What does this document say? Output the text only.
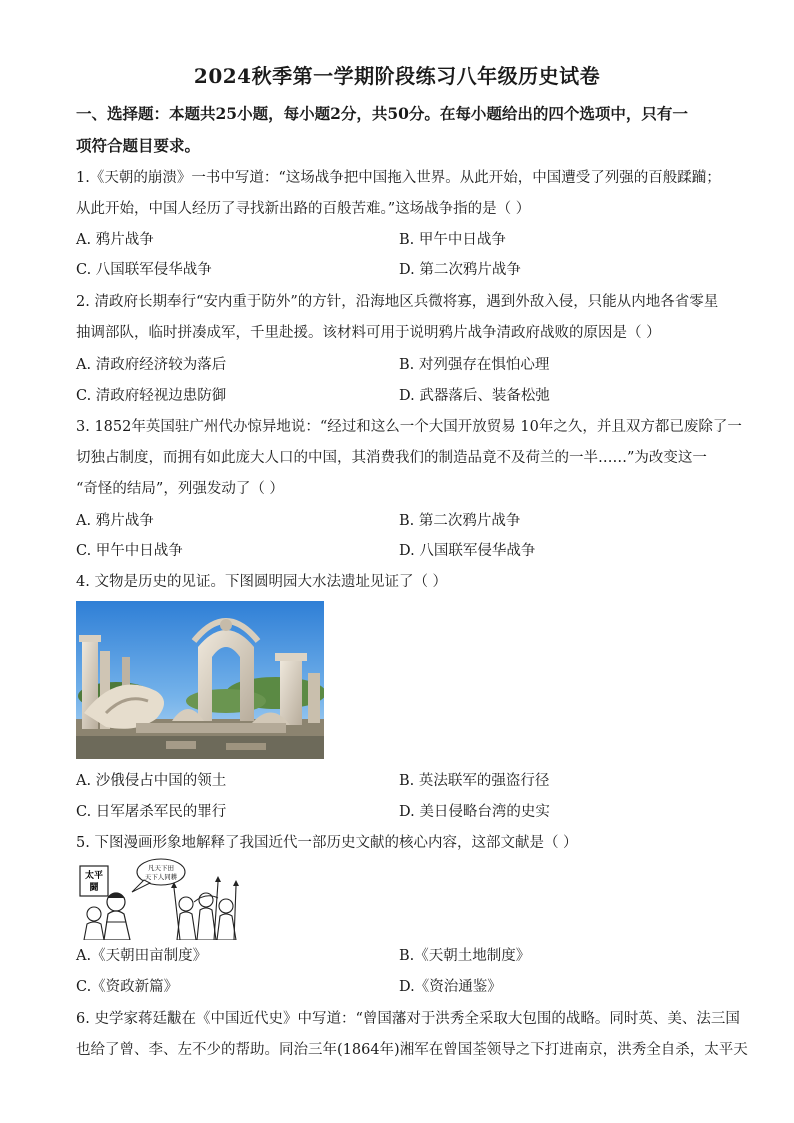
2024秋季第一学期阶段练习八年级历史试卷
一、选择题：本题共25小题，每小题2分，共50分。在每小题给出的四个选项中，只有一
项符合题目要求。
1.《天朝的崩溃》一书中写道：“这场战争把中国拖入世界。从此开始，中国遭受了列强的百般蹂躏；
从此开始，中国人经历了寻找新出路的百般苦难。”这场战争指的是（ ）
A. 鸦片战争	B. 甲午中日战争
C. 八国联军侵华战争	D. 第二次鸦片战争
2. 清政府长期奉行“安内重于防外”的方针，沿海地区兵微将寡，遇到外敌入侵，只能从内地各省零星
抽调部队，临时拼凑成军，千里赴援。该材料可用于说明鸦片战争清政府战败的原因是（ ）
A. 清政府经济较为落后	B. 对列强存在惧怕心理
C. 清政府轻视边患防御	D. 武器落后、装备松弛
3. 1852年英国驻广州代办惊异地说：“经过和这么一个大国开放贸易 10年之久，并且双方都已废除了一
切独占制度，而拥有如此庞大人口的中国，其消费我们的制造品竟不及荷兰的一半……”为改变这一
“奇怪的结局”，列强发动了（ ）
A. 鸦片战争	B. 第二次鸦片战争
C. 甲午中日战争	D. 八国联军侵华战争
4. 文物是历史的见证。下图圆明园大水法遗址见证了（ ）
A. 沙俄侵占中国的领土	B. 英法联军的强盗行径
C. 日军屠杀军民的罪行	D. 美日侵略台湾的史实
5. 下图漫画形象地解释了我国近代一部历史文献的核心内容，这部文献是（ ）
太平
闘
凡天下田
天下人同耕
A.《天朝田亩制度》	B.《天朝土地制度》
C.《资政新篇》	D.《资治通鉴》
6. 史学家蒋廷黻在《中国近代史》中写道：“曾国藩对于洪秀全采取大包围的战略。同时英、美、法三国
也给了曾、李、左不少的帮助。同治三年(1864年)湘军在曾国荃领导之下打进南京，洪秀全自杀，太平天
